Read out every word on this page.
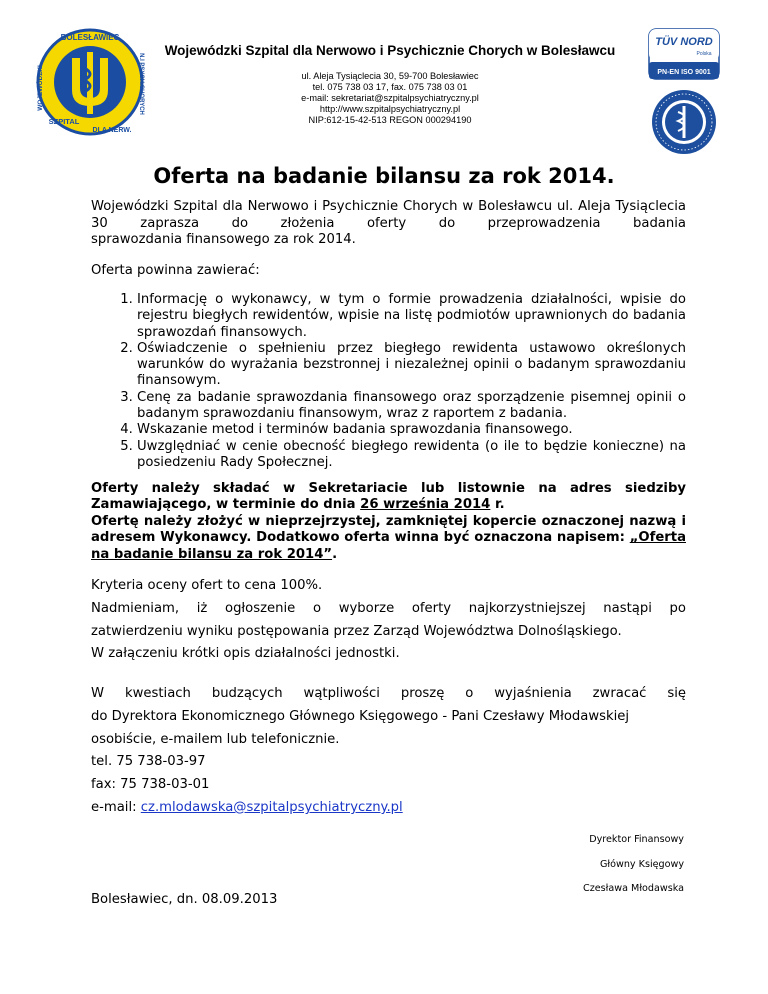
BOLESŁAWIEC
WOJEWÓDZKI	N.I PSYCH.CHORYCH
SZPITAL
DLA NERW.
Wojewódzki Szpital dla Nerwowo i Psychicznie Chorych w Bolesławcu
ul. Aleja Tysiąclecia 30, 59-700 Bolesławiec
tel. 075 738 03 17, fax. 075 738 03 01
e-mail: sekretariat@szpitalpsychiatryczny.pl
http://www.szpitalpsychiatryczny.pl
NIP:612-15-42-513 REGON 000294190
TÜV NORD
Polska
PN-EN ISO 9001
Oferta na badanie bilansu za rok 2014.
Wojewódzki Szpital dla Nerwowo i Psychicznie Chorych w Bolesławcu ul. Aleja Tysiąclecia 30 zaprasza do złożenia oferty do przeprowadzenia badania
sprawozdania finansowego za rok 2014.
Oferta powinna zawierać:
1. Informację o wykonawcy, w tym o formie prowadzenia działalności, wpisie do rejestru biegłych rewidentów, wpisie na listę podmiotów uprawnionych do badania sprawozdań finansowych.
2. Oświadczenie o spełnieniu przez biegłego rewidenta ustawowo określonych warunków do wyrażania bezstronnej i niezależnej opinii o badanym sprawozdaniu finansowym.
3. Cenę za badanie sprawozdania finansowego oraz sporządzenie pisemnej opinii o badanym sprawozdaniu finansowym, wraz z raportem z badania.
4. Wskazanie metod i terminów badania sprawozdania finansowego.
5. Uwzględniać w cenie obecność biegłego rewidenta (o ile to będzie konieczne) na posiedzeniu Rady Społecznej.
Oferty należy składać w Sekretariacie lub listownie na adres siedziby Zamawiającego, w terminie do dnia 26 września 2014 r.
Ofertę należy złożyć w nieprzejrzystej, zamkniętej kopercie oznaczonej nazwą i adresem Wykonawcy. Dodatkowo oferta winna być oznaczona napisem: „Oferta na badanie bilansu za rok 2014”.
Kryteria oceny ofert to cena 100%.
Nadmieniam, iż ogłoszenie o wyborze oferty najkorzystniejszej nastąpi po
zatwierdzeniu wyniku postępowania przez Zarząd Województwa Dolnośląskiego.
W załączeniu krótki opis działalności jednostki.
W kwestiach budzących wątpliwości proszę o wyjaśnienia zwracać się
do Dyrektora Ekonomicznego Głównego Księgowego - Pani Czesławy Młodawskiej
osobiście, e-mailem lub telefonicznie.
tel. 75 738-03-97
fax: 75 738-03-01
e-mail: cz.mlodawska@szpitalpsychiatryczny.pl
Dyrektor Finansowy
Główny Księgowy
Czesława Młodawska
Bolesławiec, dn. 08.09.2013
